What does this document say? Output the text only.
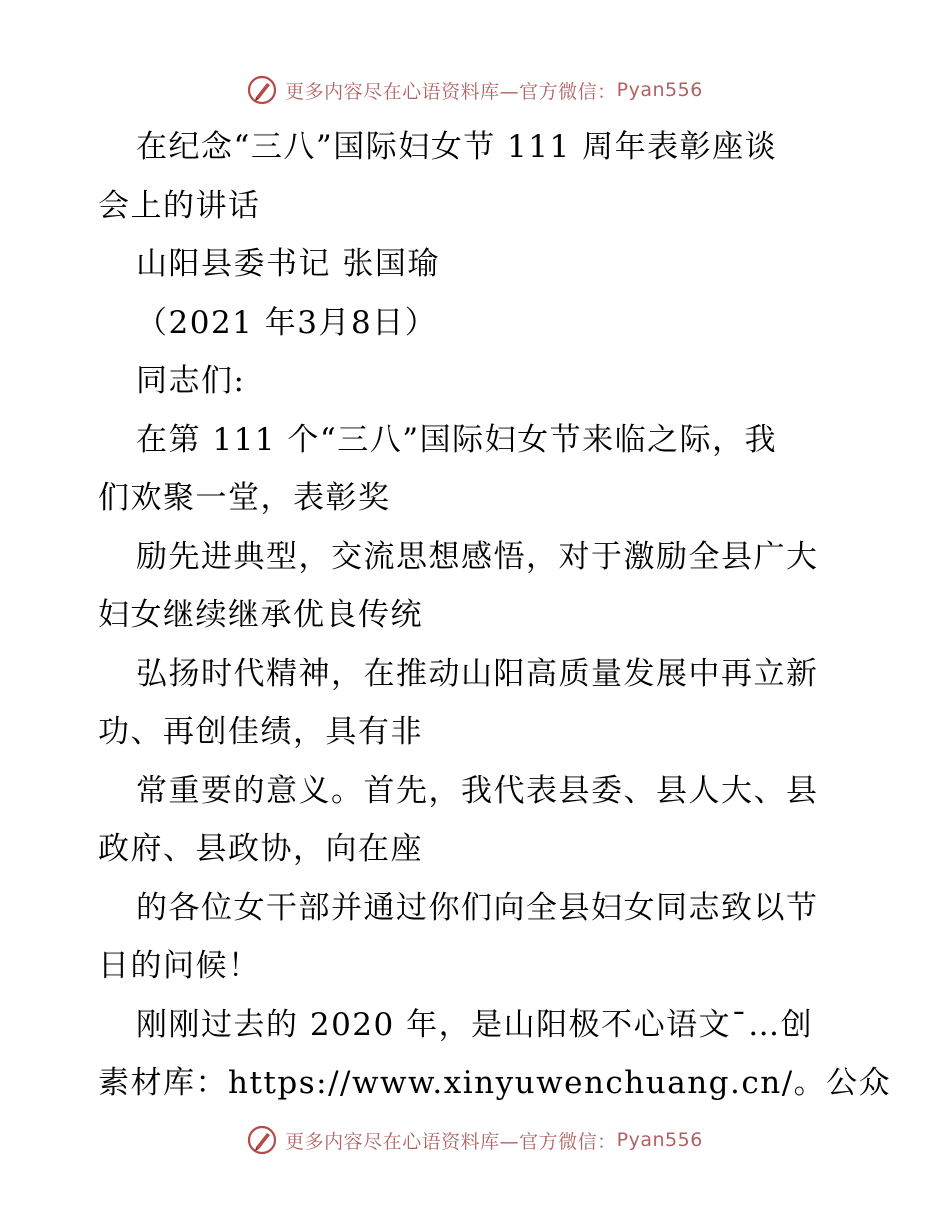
更多内容尽在心语资料库—官方微信： Pyan556
在纪念“三八”国际妇女节 111 周年表彰座谈
会上的讲话
山阳县委书记 张国瑜
（2021 年3月8日）
同志们:
在第 111 个“三八”国际妇女节来临之际，我
们欢聚一堂，表彰奖
励先进典型，交流思想感悟，对于激励全县广大
妇女继续继承优良传统
弘扬时代精神，在推动山阳高质量发展中再立新
功、再创佳绩，具有非
常重要的意义。首先，我代表县委、县人大、县
政府、县政协，向在座
的各位女干部并通过你们向全县妇女同志致以节
日的问候！
刚刚过去的 2020 年，是山阳极不心语文¯…创
素材库：https://www.xinyuwenchuang.cn/。公众
更多内容尽在心语资料库—官方微信： Pyan556
